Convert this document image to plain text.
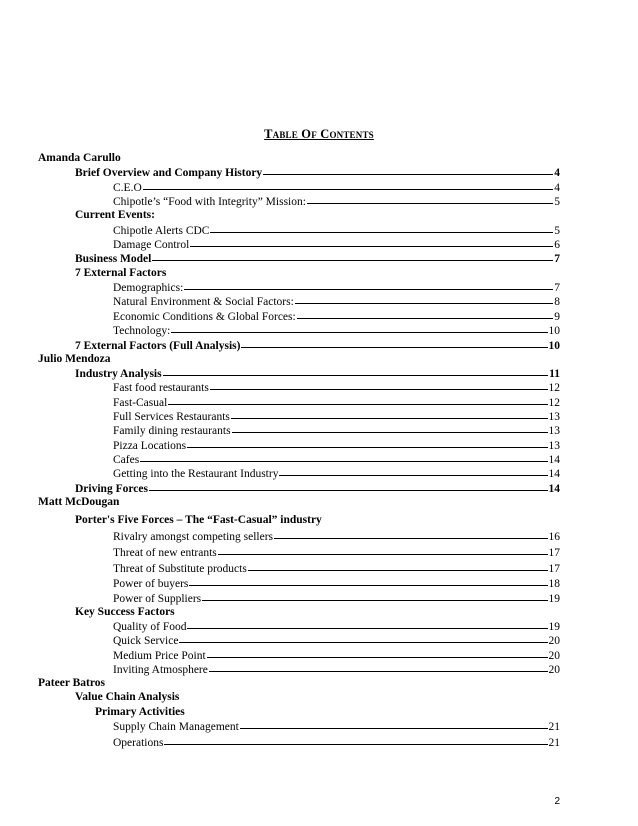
Table Of Contents
Amanda Carullo
Brief Overview and Company History	4
C.E.O	4
Chipotle’s “Food with Integrity” Mission:	5
Current Events:
Chipotle Alerts CDC	5
Damage Control	6
Business Model	7
7 External Factors
Demographics:	7
Natural Environment & Social Factors:	8
Economic Conditions & Global Forces:	9
Technology:	10
7 External Factors (Full Analysis)	10
Julio Mendoza
Industry Analysis	11
Fast food restaurants	12
Fast-Casual	12
Full Services Restaurants	13
Family dining restaurants	13
Pizza Locations	13
Cafes	14
Getting into the Restaurant Industry	14
Driving Forces	14
Matt McDougan
Porter's Five Forces – The “Fast-Casual” industry
Rivalry amongst competing sellers	16
Threat of new entrants	17
Threat of Substitute products	17
Power of buyers	18
Power of Suppliers	19
Key Success Factors
Quality of Food	19
Quick Service	20
Medium Price Point	20
Inviting Atmosphere	20
Pateer Batros
Value Chain Analysis
Primary Activities
Supply Chain Management	21
Operations	21
2
